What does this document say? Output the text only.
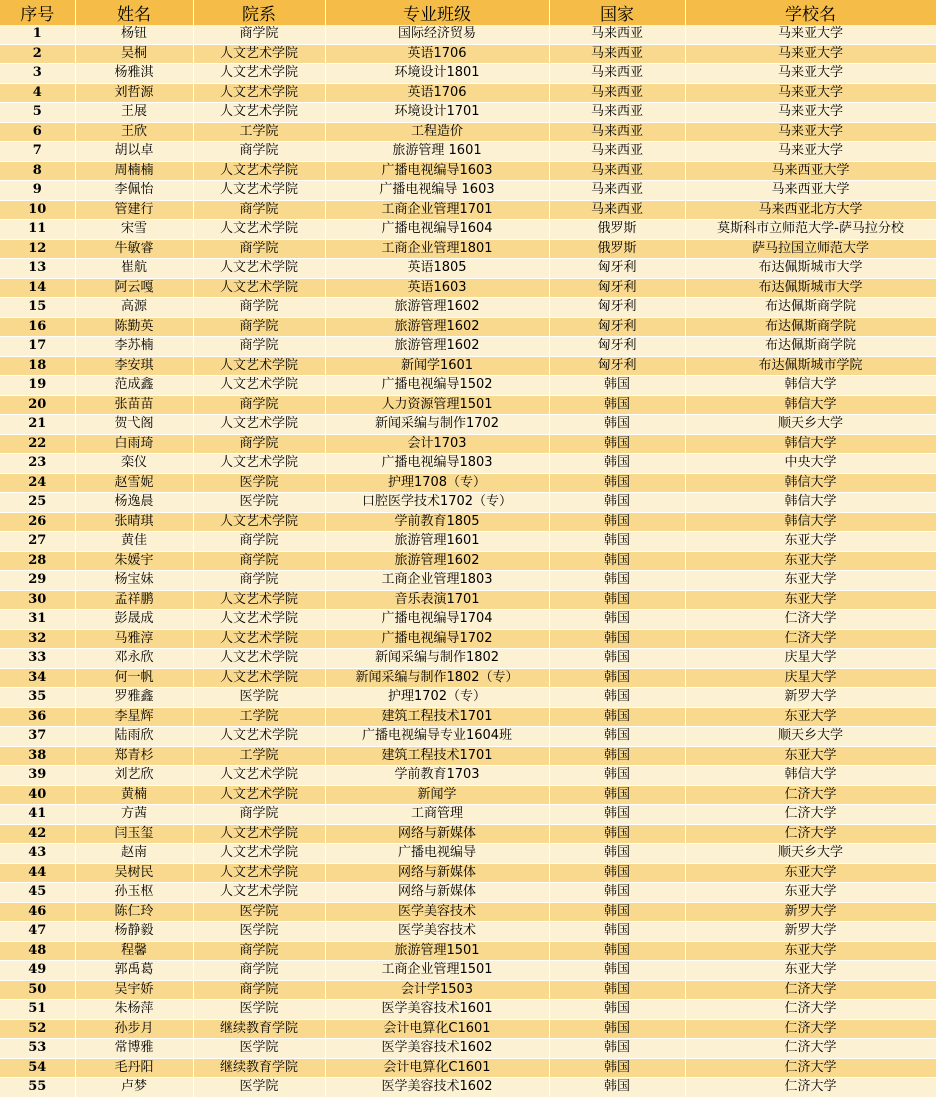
序号	姓名	院系	专业班级	国家	学校名
1	杨钮	商学院	国际经济贸易	马来西亚	马来亚大学
2	吴桐	人文艺术学院	英语1706	马来西亚	马来亚大学
3	杨雅淇	人文艺术学院	环境设计1801	马来西亚	马来亚大学
4	刘哲源	人文艺术学院	英语1706	马来西亚	马来亚大学
5	王展	人文艺术学院	环境设计1701	马来西亚	马来亚大学
6	王欣	工学院	工程造价	马来西亚	马来亚大学
7	胡以卓	商学院	旅游管理 1601	马来西亚	马来亚大学
8	周楠楠	人文艺术学院	广播电视编导1603	马来西亚	马来西亚大学
9	李佩怡	人文艺术学院	广播电视编导 1603	马来西亚	马来西亚大学
10	管建行	商学院	工商企业管理1701	马来西亚	马来西亚北方大学
11	宋雪	人文艺术学院	广播电视编导1604	俄罗斯	莫斯科市立师范大学-萨马拉分校
12	牛敏睿	商学院	工商企业管理1801	俄罗斯	萨马拉国立师范大学
13	崔航	人文艺术学院	英语1805	匈牙利	布达佩斯城市大学
14	阿云嘎	人文艺术学院	英语1603	匈牙利	布达佩斯城市大学
15	高源	商学院	旅游管理1602	匈牙利	布达佩斯商学院
16	陈勤英	商学院	旅游管理1602	匈牙利	布达佩斯商学院
17	李苏楠	商学院	旅游管理1602	匈牙利	布达佩斯商学院
18	李安琪	人文艺术学院	新闻学1601	匈牙利	布达佩斯城市学院
19	范成鑫	人文艺术学院	广播电视编导1502	韩国	韩信大学
20	张苗苗	商学院	人力资源管理1501	韩国	韩信大学
21	贺弋阁	人文艺术学院	新闻采编与制作1702	韩国	顺天乡大学
22	白雨琦	商学院	会计1703	韩国	韩信大学
23	栾仪	人文艺术学院	广播电视编导1803	韩国	中央大学
24	赵雪妮	医学院	护理1708（专）	韩国	韩信大学
25	杨逸晨	医学院	口腔医学技术1702（专）	韩国	韩信大学
26	张晴琪	人文艺术学院	学前教育1805	韩国	韩信大学
27	黄佳	商学院	旅游管理1601	韩国	东亚大学
28	朱媛宇	商学院	旅游管理1602	韩国	东亚大学
29	杨宝妹	商学院	工商企业管理1803	韩国	东亚大学
30	孟祥鹏	人文艺术学院	音乐表演1701	韩国	东亚大学
31	彭晟成	人文艺术学院	广播电视编导1704	韩国	仁济大学
32	马雅淳	人文艺术学院	广播电视编导1702	韩国	仁济大学
33	邓永欣	人文艺术学院	新闻采编与制作1802	韩国	庆星大学
34	何一帆	人文艺术学院	新闻采编与制作1802（专）	韩国	庆星大学
35	罗雅鑫	医学院	护理1702（专）	韩国	新罗大学
36	李星辉	工学院	建筑工程技术1701	韩国	东亚大学
37	陆雨欣	人文艺术学院	广播电视编导专业1604班	韩国	顺天乡大学
38	郑青杉	工学院	建筑工程技术1701	韩国	东亚大学
39	刘艺欣	人文艺术学院	学前教育1703	韩国	韩信大学
40	黄楠	人文艺术学院	新闻学	韩国	仁济大学
41	方茜	商学院	工商管理	韩国	仁济大学
42	闫玉玺	人文艺术学院	网络与新媒体	韩国	仁济大学
43	赵南	人文艺术学院	广播电视编导	韩国	顺天乡大学
44	吴树民	人文艺术学院	网络与新媒体	韩国	东亚大学
45	孙玉枢	人文艺术学院	网络与新媒体	韩国	东亚大学
46	陈仁玲	医学院	医学美容技术	韩国	新罗大学
47	杨静毅	医学院	医学美容技术	韩国	新罗大学
48	程馨	商学院	旅游管理1501	韩国	东亚大学
49	郭禹葛	商学院	工商企业管理1501	韩国	东亚大学
50	吴宇娇	商学院	会计学1503	韩国	仁济大学
51	朱杨萍	医学院	医学美容技术1601	韩国	仁济大学
52	孙步月	继续教育学院	会计电算化C1601	韩国	仁济大学
53	常博雅	医学院	医学美容技术1602	韩国	仁济大学
54	毛丹阳	继续教育学院	会计电算化C1601	韩国	仁济大学
55	卢梦	医学院	医学美容技术1602	韩国	仁济大学
